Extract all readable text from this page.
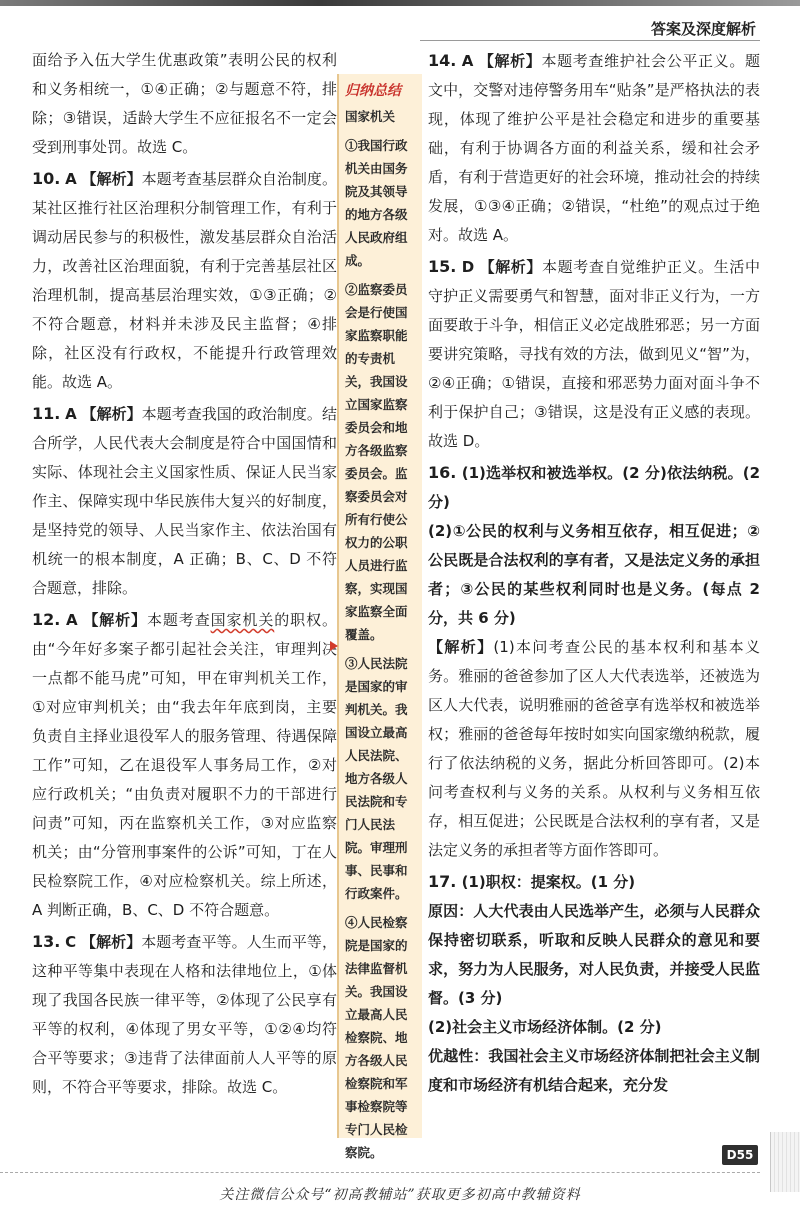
答案及深度解析

面给予入伍大学生优惠政策”表明公民的权利和义务相统一，①④正确；②与题意不符，排除；③错误，适龄大学生不应征报名不一定会受到刑事处罚。故选 C。

10. A 【解析】本题考查基层群众自治制度。某社区推行社区治理积分制管理工作，有利于调动居民参与的积极性，激发基层群众自治活力，改善社区治理面貌，有利于完善基层社区治理机制，提高基层治理实效，①③正确；②不符合题意，材料并未涉及民主监督；④排除，社区没有行政权，不能提升行政管理效能。故选 A。

11. A 【解析】本题考查我国的政治制度。结合所学，人民代表大会制度是符合中国国情和实际、体现社会主义国家性质、保证人民当家作主、保障实现中华民族伟大复兴的好制度，是坚持党的领导、人民当家作主、依法治国有机统一的根本制度，A 正确；B、C、D 不符合题意，排除。

12. A 【解析】本题考查国家机关的职权。由“今年好多案子都引起社会关注，审理判决一点都不能马虎”可知，甲在审判机关工作，①对应审判机关；由“我去年年底到岗，主要负责自主择业退役军人的服务管理、待遇保障工作”可知，乙在退役军人事务局工作，②对应行政机关；“由负责对履职不力的干部进行问责”可知，丙在监察机关工作，③对应监察机关；由“分管刑事案件的公诉”可知，丁在人民检察院工作，④对应检察机关。综上所述，A 判断正确，B、C、D 不符合题意。

13. C 【解析】本题考查平等。人生而平等，这种平等集中表现在人格和法律地位上，①体现了我国各民族一律平等，②体现了公民享有平等的权利，④体现了男女平等，①②④均符合平等要求；③违背了法律面前人人平等的原则，不符合平等要求，排除。故选 C。

归纳总结

国家机关

①我国行政机关由国务院及其领导的地方各级人民政府组成。

②监察委员会是行使国家监察职能的专责机关，我国设立国家监察委员会和地方各级监察委员会。监察委员会对所有行使公权力的公职人员进行监察，实现国家监察全面覆盖。

③人民法院是国家的审判机关。我国设立最高人民法院、地方各级人民法院和专门人民法院。审理刑事、民事和行政案件。

④人民检察院是国家的法律监督机关。我国设立最高人民检察院、地方各级人民检察院和军事检察院等专门人民检察院。

14. A 【解析】本题考查维护社会公平正义。题文中，交警对违停警务用车“贴条”是严格执法的表现，体现了维护公平是社会稳定和进步的重要基础，有利于协调各方面的利益关系，缓和社会矛盾，有利于营造更好的社会环境，推动社会的持续发展，①③④正确；②错误，“杜绝”的观点过于绝对。故选 A。

15. D 【解析】本题考查自觉维护正义。生活中守护正义需要勇气和智慧，面对非正义行为，一方面要敢于斗争，相信正义必定战胜邪恶；另一方面要讲究策略，寻找有效的方法，做到见义“智”为，②④正确；①错误，直接和邪恶势力面对面斗争不利于保护自己；③错误，这是没有正义感的表现。故选 D。

16. (1)选举权和被选举权。(2 分)依法纳税。(2 分)

(2)①公民的权利与义务相互依存，相互促进；②公民既是合法权利的享有者，又是法定义务的承担者；③公民的某些权利同时也是义务。(每点 2 分，共 6 分)

【解析】(1)本问考查公民的基本权利和基本义务。雅丽的爸爸参加了区人大代表选举，还被选为区人大代表，说明雅丽的爸爸享有选举权和被选举权；雅丽的爸爸每年按时如实向国家缴纳税款，履行了依法纳税的义务，据此分析回答即可。(2)本问考查权利与义务的关系。从权利与义务相互依存，相互促进；公民既是合法权利的享有者，又是法定义务的承担者等方面作答即可。

17. (1)职权：提案权。(1 分)

原因：人大代表由人民选举产生，必须与人民群众保持密切联系，听取和反映人民群众的意见和要求，努力为人民服务，对人民负责，并接受人民监督。(3 分)

(2)社会主义市场经济体制。(2 分)

优越性：我国社会主义市场经济体制把社会主义制度和市场经济有机结合起来，充分发

D55
关注微信公众号“初高教辅站”获取更多初高中教辅资料
